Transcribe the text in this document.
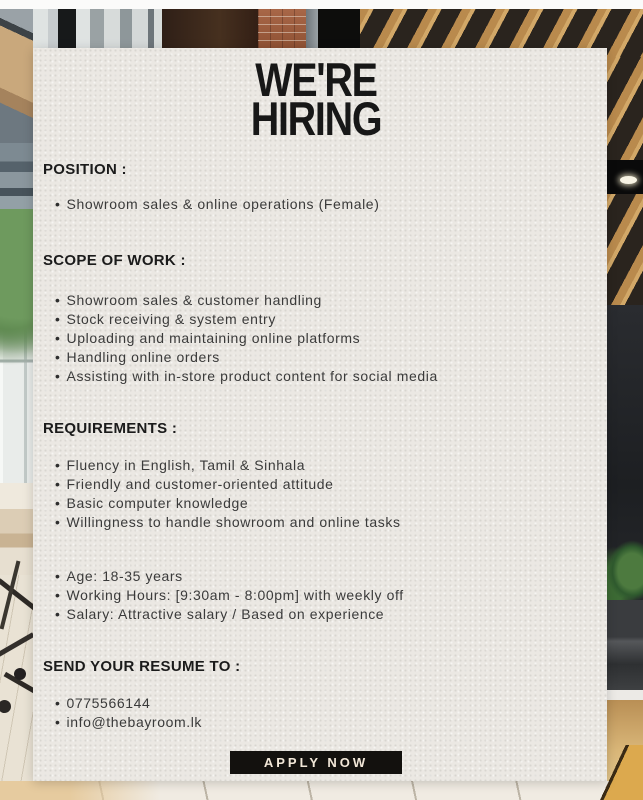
WE'RE
HIRING
POSITION :
• Showroom sales & online operations (Female)
SCOPE OF WORK :
• Showroom sales & customer handling
• Stock receiving & system entry
• Uploading and maintaining online platforms
• Handling online orders
• Assisting with in-store product content for social media
REQUIREMENTS :
• Fluency in English, Tamil & Sinhala
• Friendly and customer-oriented attitude
• Basic computer knowledge
• Willingness to handle showroom and online tasks
• Age: 18-35 years
• Working Hours: [9:30am - 8:00pm] with weekly off
• Salary: Attractive salary / Based on experience
SEND YOUR RESUME TO :
• 0775566144
• info@thebayroom.lk
APPLY NOW
